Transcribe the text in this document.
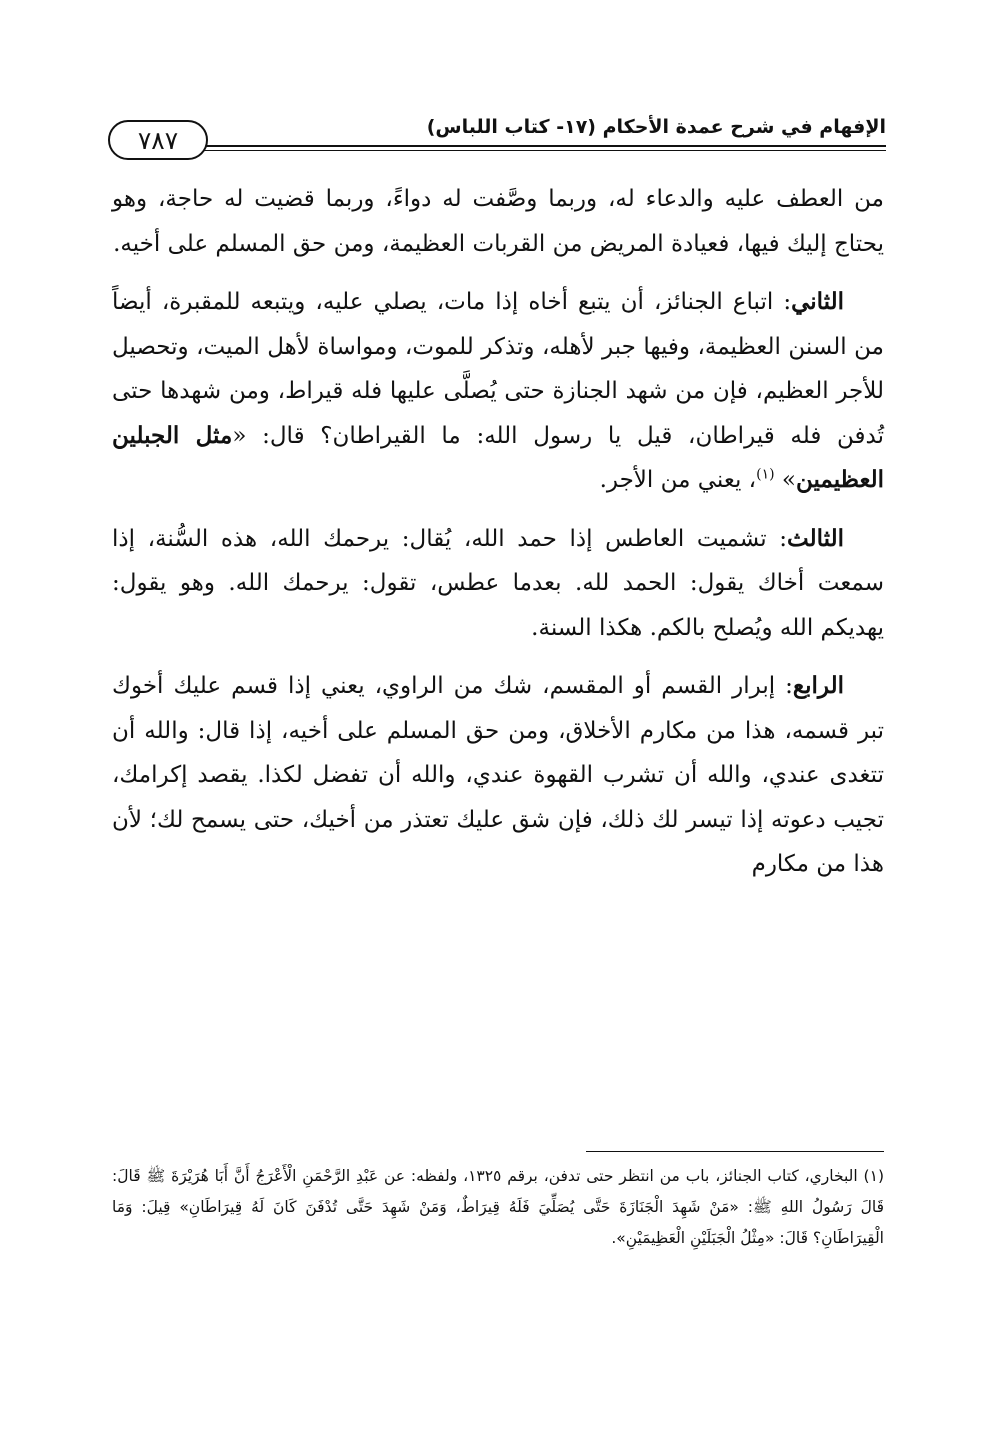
٧٨٧	الإفهام في شرح عمدة الأحكام (١٧- كتاب اللباس)

من العطف عليه والدعاء له، وربما وصَّفت له دواءً، وربما قضيت له حاجة، وهو يحتاج إليك فيها، فعيادة المريض من القربات العظيمة، ومن حق المسلم على أخيه.

الثاني: اتباع الجنائز، أن يتبع أخاه إذا مات، يصلي عليه، ويتبعه للمقبرة، أيضاً من السنن العظيمة، وفيها جبر لأهله، وتذكر للموت، ومواساة لأهل الميت، وتحصيل للأجر العظيم، فإن من شهد الجنازة حتى يُصلَّى عليها فله قيراط، ومن شهدها حتى تُدفن فله قيراطان، قيل يا رسول الله: ما القيراطان؟ قال: «مثل الجبلين العظيمين» $^{(١)}$، يعني من الأجر.

الثالث: تشميت العاطس إذا حمد الله، يُقال: يرحمك الله، هذه السُّنة، إذا سمعت أخاك يقول: الحمد لله. بعدما عطس، تقول: يرحمك الله. وهو يقول: يهديكم الله ويُصلح بالكم. هكذا السنة.

الرابع: إبرار القسم أو المقسم، شك من الراوي، يعني إذا قسم عليك أخوك تبر قسمه، هذا من مكارم الأخلاق، ومن حق المسلم على أخيه، إذا قال: والله أن تتغدى عندي، والله أن تشرب القهوة عندي، والله أن تفضل لكذا. يقصد إكرامك، تجيب دعوته إذا تيسر لك ذلك، فإن شق عليك تعتذر من أخيك، حتى يسمح لك؛ لأن هذا من مكارم

(١) البخاري، كتاب الجنائز، باب من انتظر حتى تدفن، برقم ١٣٢٥، ولفظه: عن عَبْدِ الرَّحْمَنِ الْأَعْرَجُ أَنَّ أَبَا هُرَيْرَةَ ﷺ قَالَ: قَالَ رَسُولُ اللهِ ﷺ: «مَنْ شَهِدَ الْجَنَازَةَ حَتَّى يُصَلِّيَ فَلَهُ قِيرَاطٌ، وَمَنْ شَهِدَ حَتَّى تُدْفَنَ كَانَ لَهُ قِيرَاطَانِ» قِيلَ: وَمَا الْقِيرَاطَانِ؟ قَالَ: «مِثْلُ الْجَبَلَيْنِ الْعَظِيمَيْنِ».
